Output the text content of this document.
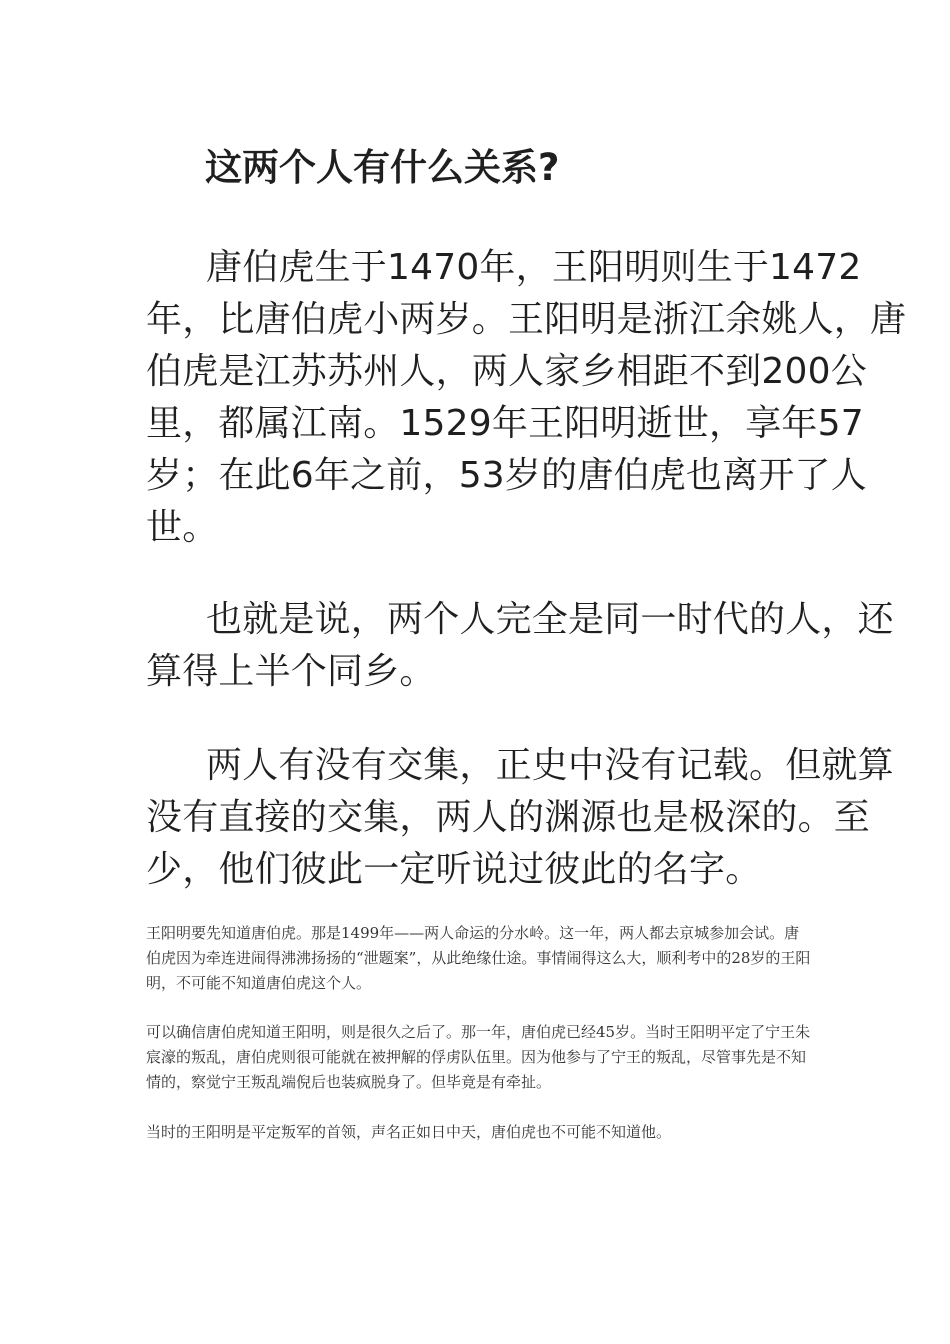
这两个人有什么关系?

唐伯虎生于1470年，王阳明则生于1472年，比唐伯虎小两岁。王阳明是浙江余姚人，唐伯虎是江苏苏州人，两人家乡相距不到200公里，都属江南。1529年王阳明逝世，享年57岁；在此6年之前，53岁的唐伯虎也离开了人世。

也就是说，两个人完全是同一时代的人，还算得上半个同乡。

两人有没有交集，正史中没有记载。但就算没有直接的交集，两人的渊源也是极深的。至少，他们彼此一定听说过彼此的名字。

王阳明要先知道唐伯虎。那是1499年——两人命运的分水岭。这一年，两人都去京城参加会试。唐伯虎因为牵连进闹得沸沸扬扬的“泄题案”，从此绝缘仕途。事情闹得这么大，顺利考中的28岁的王阳明，不可能不知道唐伯虎这个人。

可以确信唐伯虎知道王阳明，则是很久之后了。那一年，唐伯虎已经45岁。当时王阳明平定了宁王朱宸濠的叛乱，唐伯虎则很可能就在被押解的俘虏队伍里。因为他参与了宁王的叛乱，尽管事先是不知情的，察觉宁王叛乱端倪后也装疯脱身了。但毕竟是有牵扯。

当时的王阳明是平定叛军的首领，声名正如日中天，唐伯虎也不可能不知道他。
